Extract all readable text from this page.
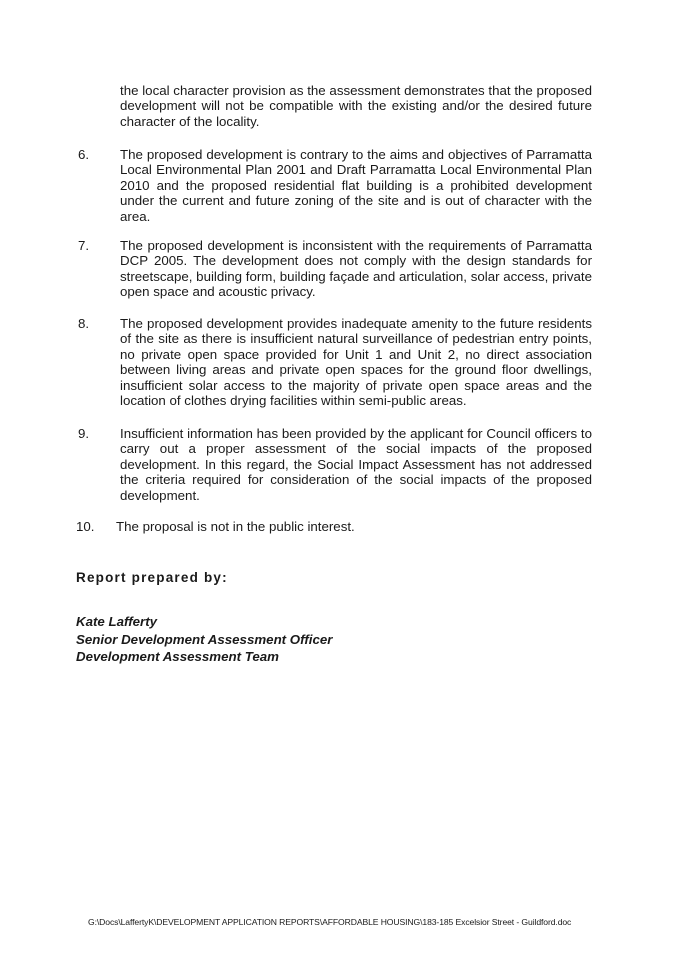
the local character provision as the assessment demonstrates that the proposed development will not be compatible with the existing and/or the desired future character of the locality.

6. The proposed development is contrary to the aims and objectives of Parramatta Local Environmental Plan 2001 and Draft Parramatta Local Environmental Plan 2010 and the proposed residential flat building is a prohibited development under the current and future zoning of the site and is out of character with the area.

7. The proposed development is inconsistent with the requirements of Parramatta DCP 2005. The development does not comply with the design standards for streetscape, building form, building façade and articulation, solar access, private open space and acoustic privacy.

8. The proposed development provides inadequate amenity to the future residents of the site as there is insufficient natural surveillance of pedestrian entry points, no private open space provided for Unit 1 and Unit 2, no direct association between living areas and private open spaces for the ground floor dwellings, insufficient solar access to the majority of private open space areas and the location of clothes drying facilities within semi-public areas.

9. Insufficient information has been provided by the applicant for Council officers to carry out a proper assessment of the social impacts of the proposed development. In this regard, the Social Impact Assessment has not addressed the criteria required for consideration of the social impacts of the proposed development.

10. The proposal is not in the public interest.

Report prepared by:
Kate Lafferty
Senior Development Assessment Officer
Development Assessment Team
G:\Docs\LaffertyK\DEVELOPMENT APPLICATION REPORTS\AFFORDABLE HOUSING\183-185 Excelsior Street - Guildford.doc
